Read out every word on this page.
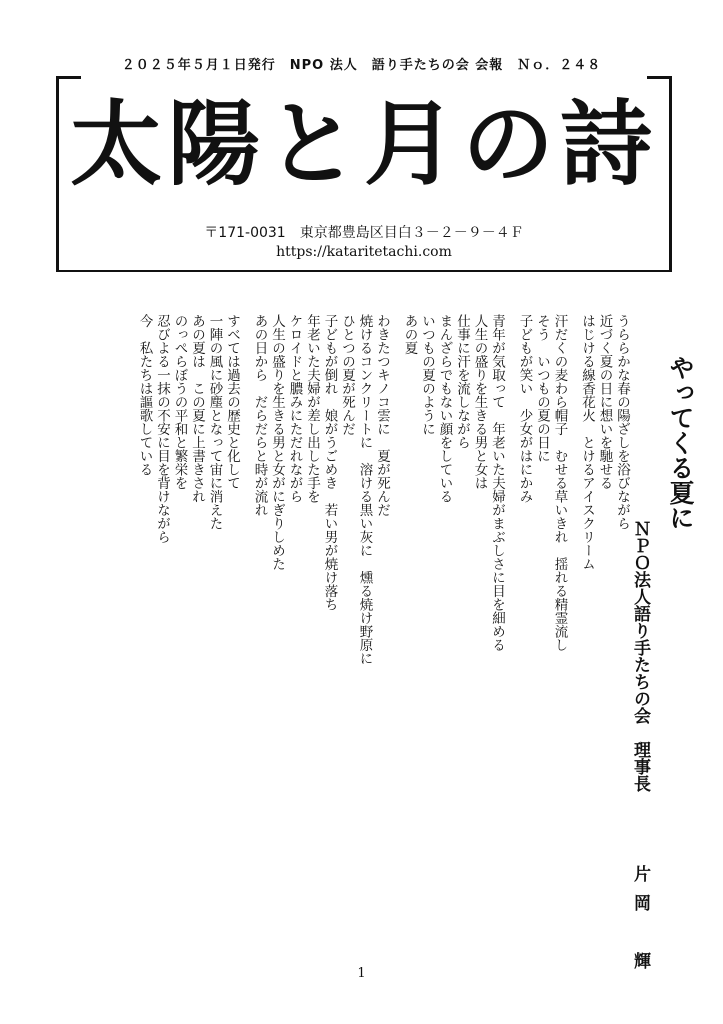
２０２５年５月１日発行　NPO 法人　語り手たちの会 会報　Ｎｏ．２４８
太陽と月の詩
〒171-0031　東京都豊島区目白３－２－９－４Ｆ
https://kataritetachi.com
やってくる夏に
ＮＰＯ法人語り手たちの会　理事長
片岡　輝

うららかな春の陽ざしを浴びながら

近づく夏の日に想いを馳せる

はじける線香花火　とけるアイスクリーム

汗だくの麦わら帽子　むせる草いきれ　揺れる精霊流し

そう　いつもの夏の日に

子どもが笑い　少女がはにかみ

青年が気取って　年老いた夫婦がまぶしさに目を細める

人生の盛りを生きる男と女は

仕事に汗を流しながら

まんざらでもない顔をしている

いつもの夏のように

あの夏

わきたつキノコ雲に　夏が死んだ

焼けるコンクリートに　溶ける黒い灰に　燻る焼け野原に

ひとつの夏が死んだ

子どもが倒れ　娘がうごめき　若い男が焼け落ち

年老いた夫婦が差し出した手を

ケロイドと膿みにただれながら

人生の盛りを生きる男と女がにぎりしめた

あの日から　だらだらと時が流れ

すべては過去の歴史と化して

一陣の風に砂塵となって宙に消えた

あの夏は　この夏に上書きされ

のっぺらぼうの平和と繁栄を

忍びよる一抹の不安に目を背けながら

今　私たちは謳歌している

1
